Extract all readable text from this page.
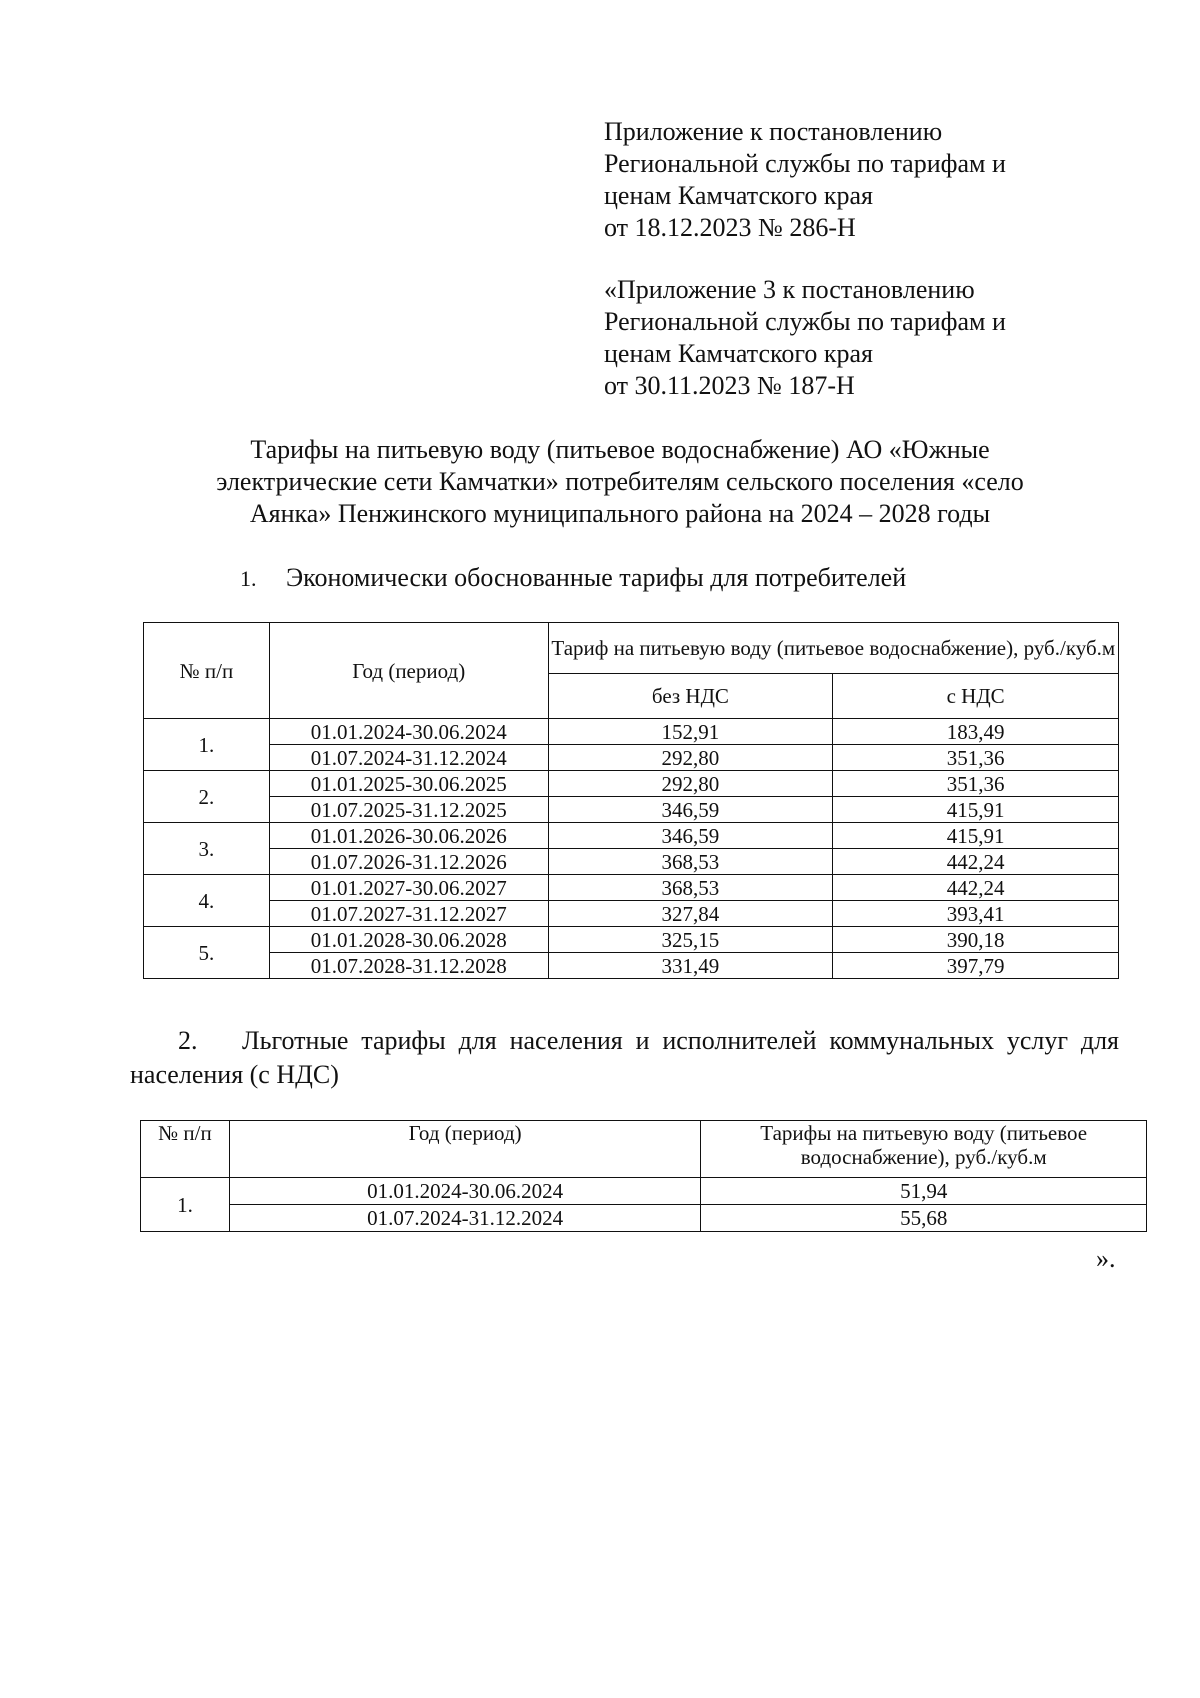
Приложение к постановлению
Региональной службы по тарифам и
ценам Камчатского края
от 18.12.2023 № 286-Н
«Приложение 3 к постановлению
Региональной службы по тарифам и
ценам Камчатского края
от 30.11.2023 № 187-Н
Тарифы на питьевую воду (питьевое водоснабжение) АО «Южные
электрические сети Камчатки» потребителям сельского поселения «село
Аянка» Пенжинского муниципального района на 2024 – 2028 годы
1. Экономически обоснованные тарифы для потребителей
№ п/п	Год (период)	Тариф на питьевую воду (питьевое водоснабжение), руб./куб.м	
		без НДС	с НДС
1.	01.01.2024-30.06.2024	152,91	183,49
	01.07.2024-31.12.2024	292,80	351,36
2.	01.01.2025-30.06.2025	292,80	351,36
	01.07.2025-31.12.2025	346,59	415,91
3.	01.01.2026-30.06.2026	346,59	415,91
	01.07.2026-31.12.2026	368,53	442,24
4.	01.01.2027-30.06.2027	368,53	442,24
	01.07.2027-31.12.2027	327,84	393,41
5.	01.01.2028-30.06.2028	325,15	390,18
	01.07.2028-31.12.2028	331,49	397,79
2. Льготные тарифы для населения и исполнителей коммунальных услуг для населения (с НДС)
№ п/п	Год (период)	Тарифы на питьевую воду (питьевое водоснабжение), руб./куб.м
1.	01.01.2024-30.06.2024	51,94
	01.07.2024-31.12.2024	55,68
».
